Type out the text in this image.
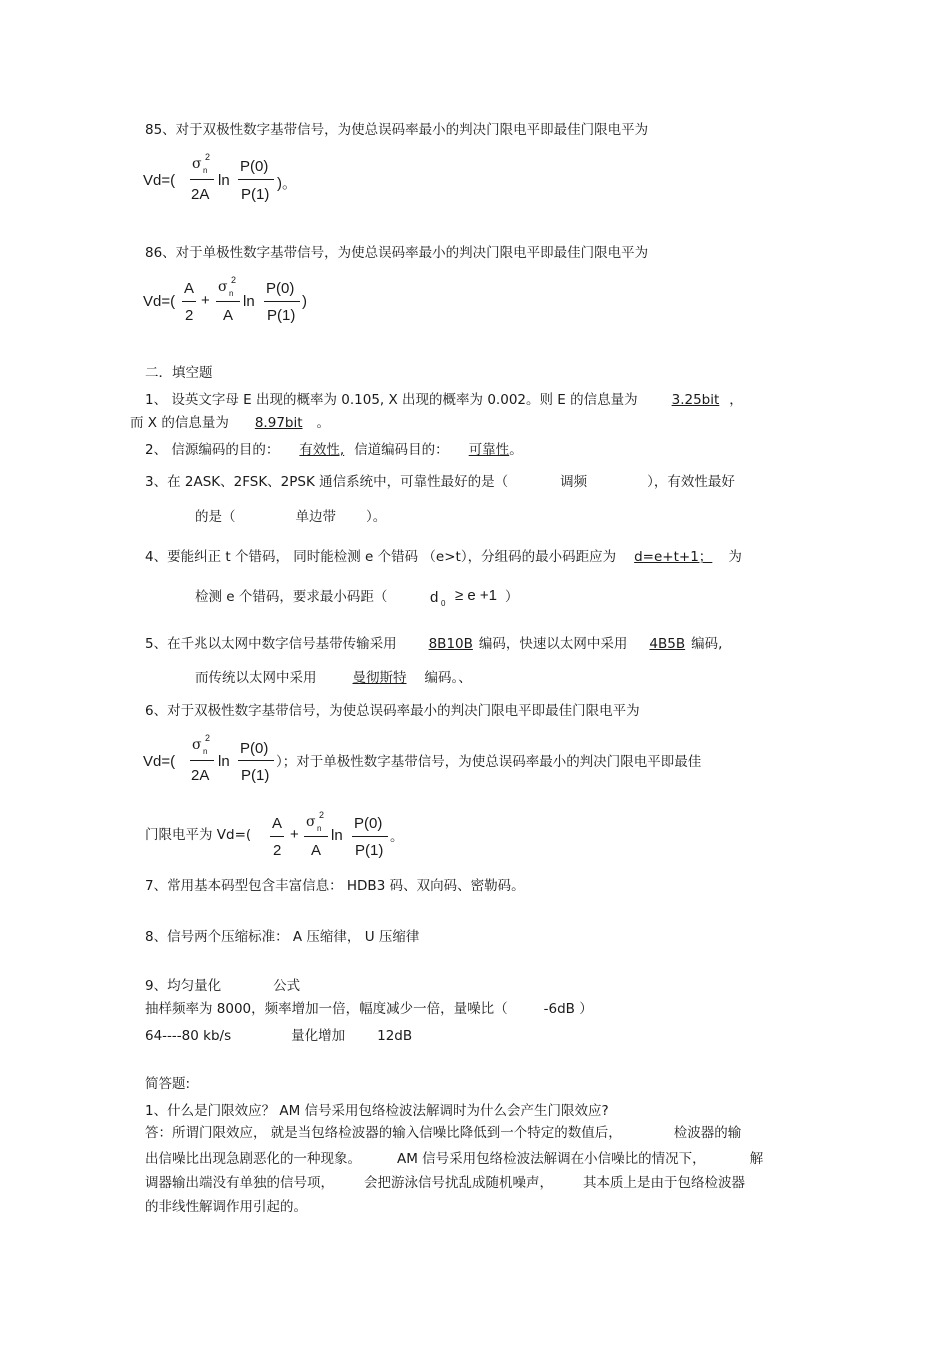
85、对于双极性数字基带信号，为使总误码率最小的判决门限电平即最佳门限电平为
Vd=(
σ 2
n
2A
ln
P(0)
P(1)
)。
86、对于单极性数字基带信号，为使总误码率最小的判决门限电平即最佳门限电平为
Vd=(
A
2
+
σ 2
n
A
ln
P(0)
P(1)
)
二．填空题
1、 设英文字母 E 出现的概率为 0.105, X 出现的概率为 0.002。则 E 的信息量为	3.25bit ，
而 X 的信息量为 8.97bit 。
2、 信源编码的目的： 有效性, 信道编码目的： 可靠性。
3、在 2ASK、2FSK、2PSK 通信系统中，可靠性最好的是（	调频	），有效性最好
的是（	单边带 ）。
4、要能纠正 t 个错码， 同时能检测 e 个错码 （e>t），分组码的最小码距应为 d=e+t+1； 为
检测 e 个错码，要求最小码距（	d 0 ≥ e +1 ）
5、在千兆以太网中数字信号基带传输采用 8B10B 编码，快速以太网中采用 4B5B 编码,
而传统以太网中采用	曼彻斯特 编码。、
6、对于双极性数字基带信号，为使总误码率最小的判决门限电平即最佳门限电平为
Vd=(
σ 2
n
2A
ln
P(0)
P(1)
）；对于单极性数字基带信号，为使总误码率最小的判决门限电平即最佳
门限电平为 Vd=(
A
2
+
σ 2
n
A
ln
P(0)
P(1)
。
7、常用基本码型包含丰富信息： HDB3 码、双向码、密勒码。
8、信号两个压缩标准： A 压缩律， U 压缩律
9、均匀量化	公式
抽样频率为 8000，频率增加一倍，幅度减少一倍，量噪比（	-6dB ）
64----80 kb/s	量化增加 12dB
简答题:
1、什么是门限效应？ AM 信号采用包络检波法解调时为什么会产生门限效应?
答：所谓门限效应， 就是当包络检波器的输入信噪比降低到一个特定的数值后，	检波器的输
出信噪比出现急剧恶化的一种现象。	AM 信号采用包络检波法解调在小信噪比的情况下，	解
调器输出端没有单独的信号项， 会把游泳信号扰乱成随机噪声， 其本质上是由于包络检波器
的非线性解调作用引起的。
